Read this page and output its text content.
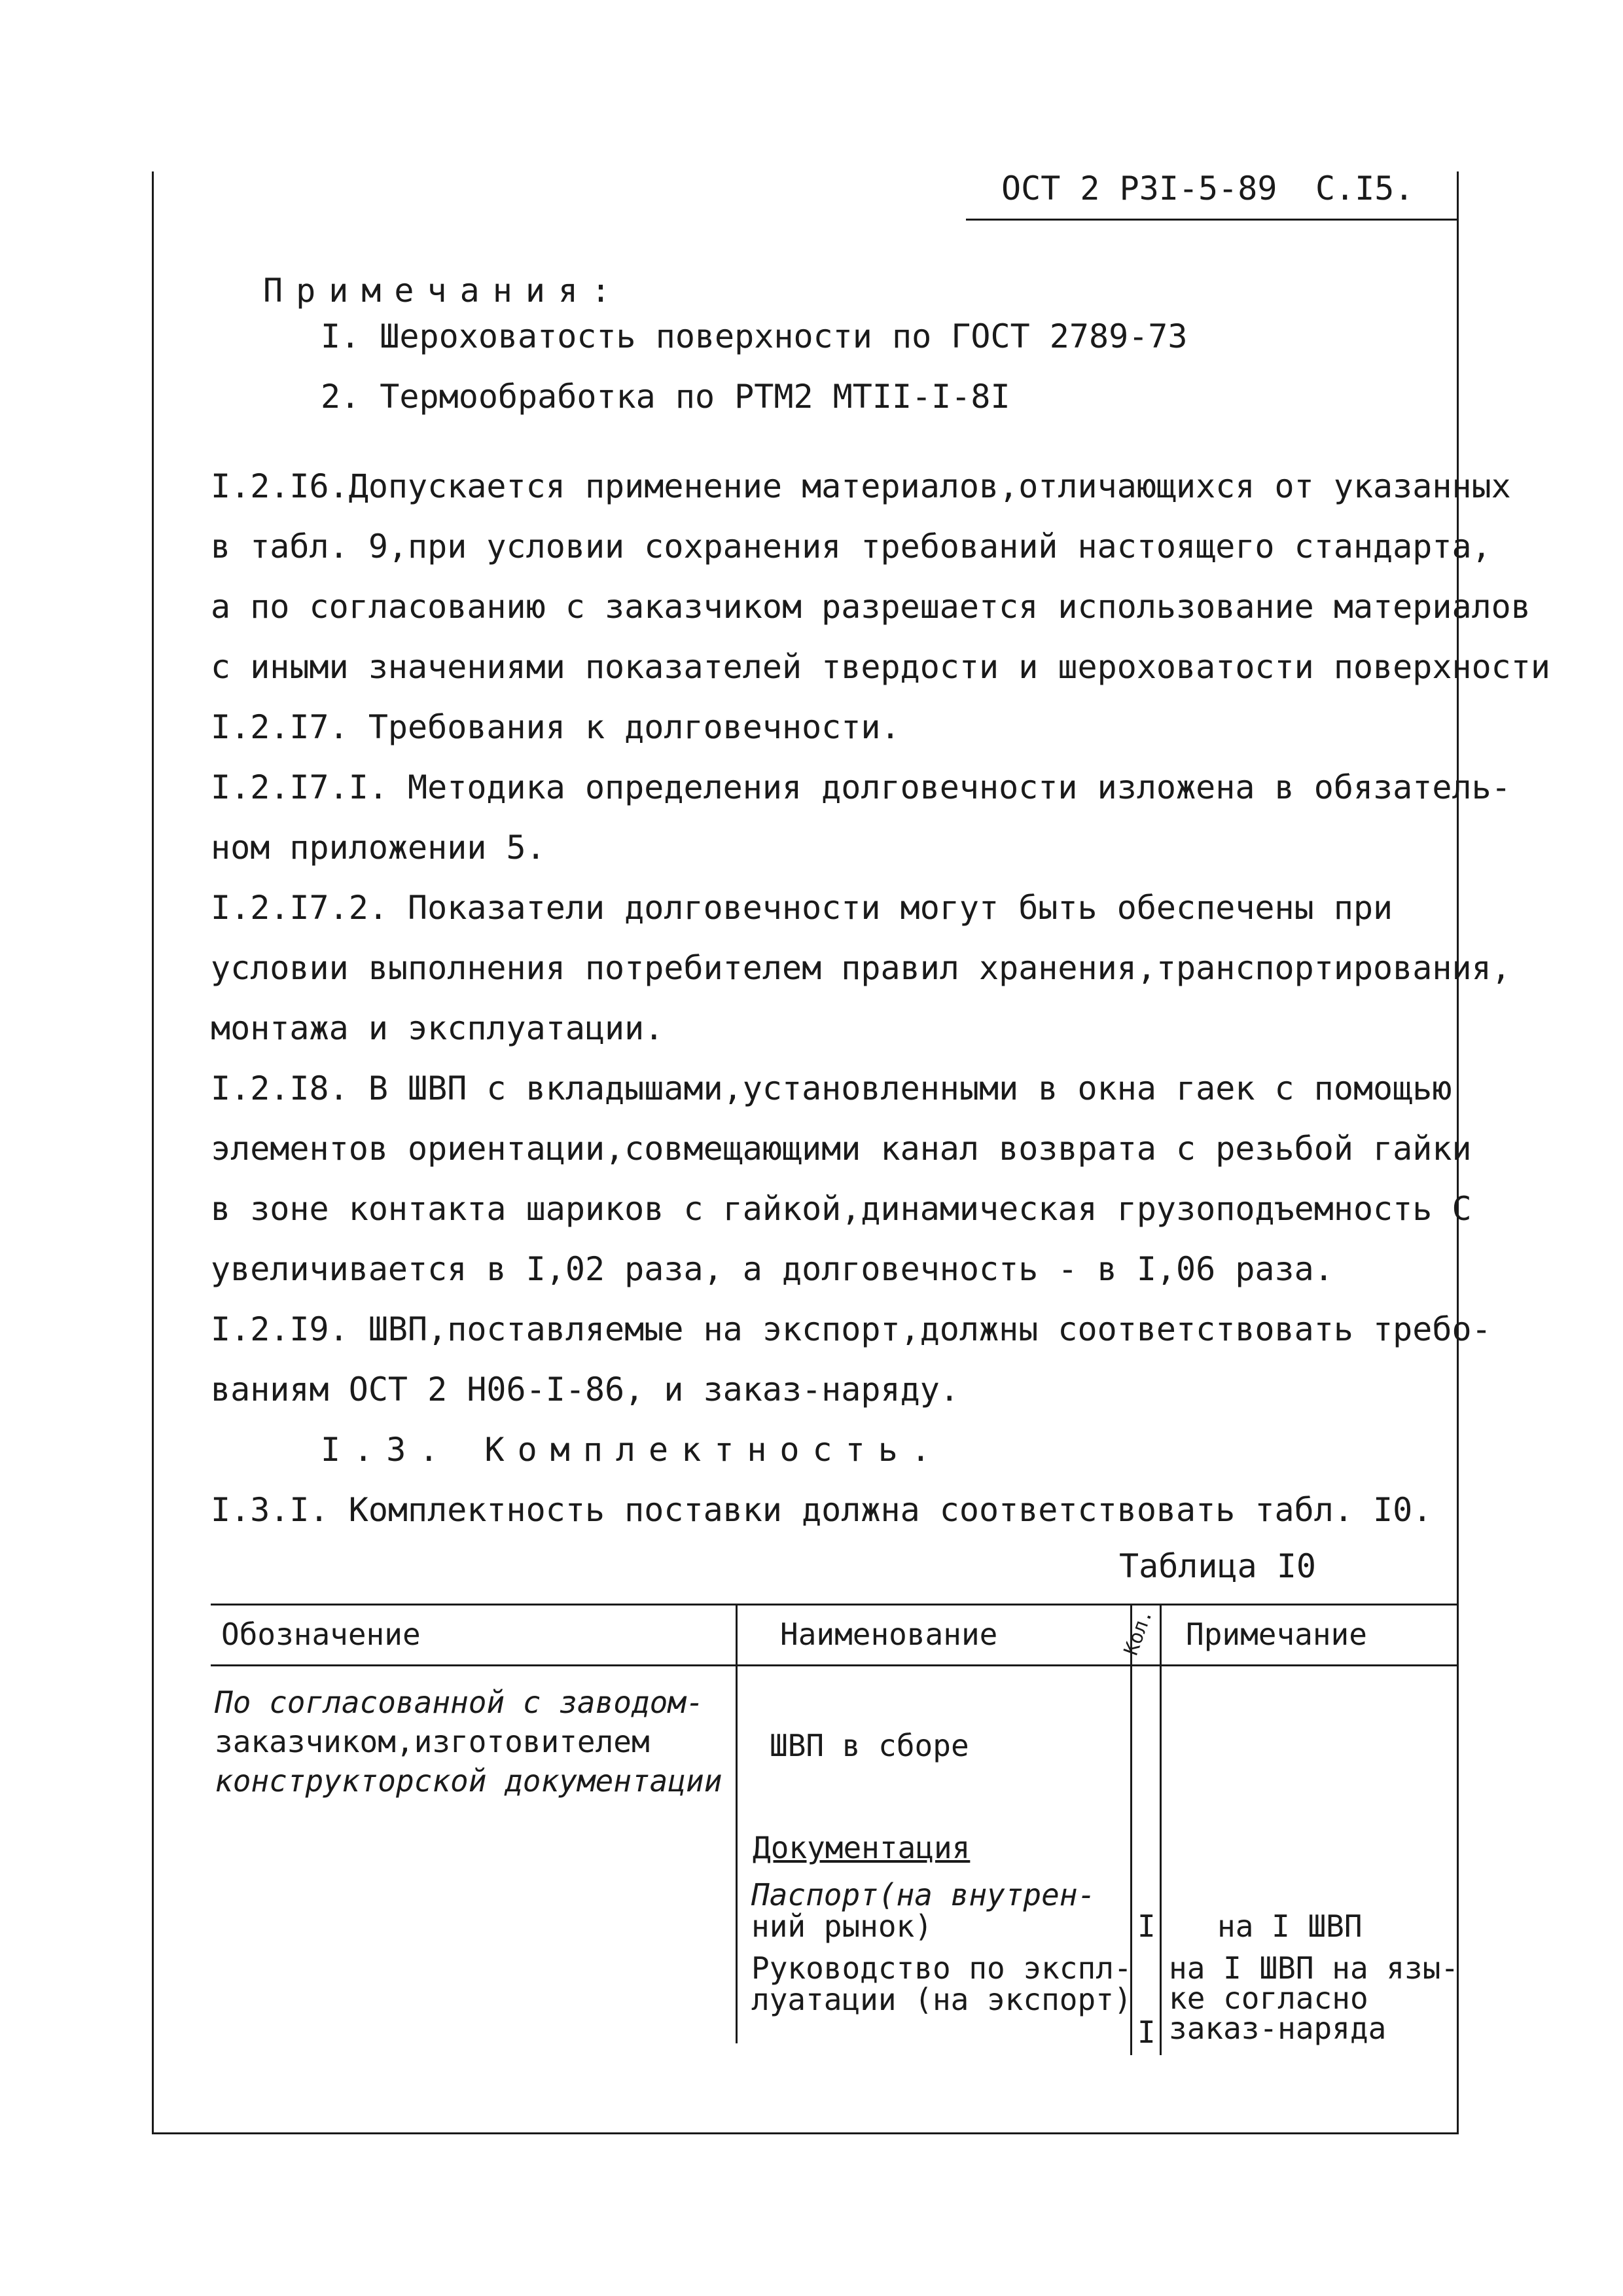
ОСТ 2 Р3I-5-89 С.I5.
Примечания:
I. Шероховатость поверхности по ГОСТ 2789-73
2. Термообработка по РТМ2 МТII-I-8I
I.2.I6.Допускается применение материалов,отличающихся от указанных
в табл. 9,при условии сохранения требований настоящего стандарта,
а по согласованию с заказчиком разрешается использование материалов
с иными значениями показателей твердости и шероховатости поверхности
I.2.I7. Требования к долговечности.
I.2.I7.I. Методика определения долговечности изложена в обязатель-
ном приложении 5.
I.2.I7.2. Показатели долговечности могут быть обеспечены при
условии выполнения потребителем правил хранения,транспортирования,
монтажа и эксплуатации.
I.2.I8. В ШВП с вкладышами,установленными в окна гаек с помощью
элементов ориентации,совмещающими канал возврата с резьбой гайки
в зоне контакта шариков с гайкой,динамическая грузоподъемность С
увеличивается в I,02 раза, а долговечность - в I,06 раза.
I.2.I9. ШВП,поставляемые на экспорт,должны соответствовать требо-
ваниям ОСТ 2 Н06-I-86, и заказ-наряду.
I.3. Комплектность.
I.3.I. Комплектность поставки должна соответствовать табл. I0.
Таблица I0
Обозначение	Наименование	Кол. Примечание
По согласованной с заводом-
заказчиком,изготовителем
конструкторской документации
ШВП в сборе
Документация
Паспорт(на внутрен-
ний рынок)
Руководство по экспл-
луатации (на экспорт)
I
I
на I ШВП
на I ШВП на язы-
ке согласно
заказ-наряда
